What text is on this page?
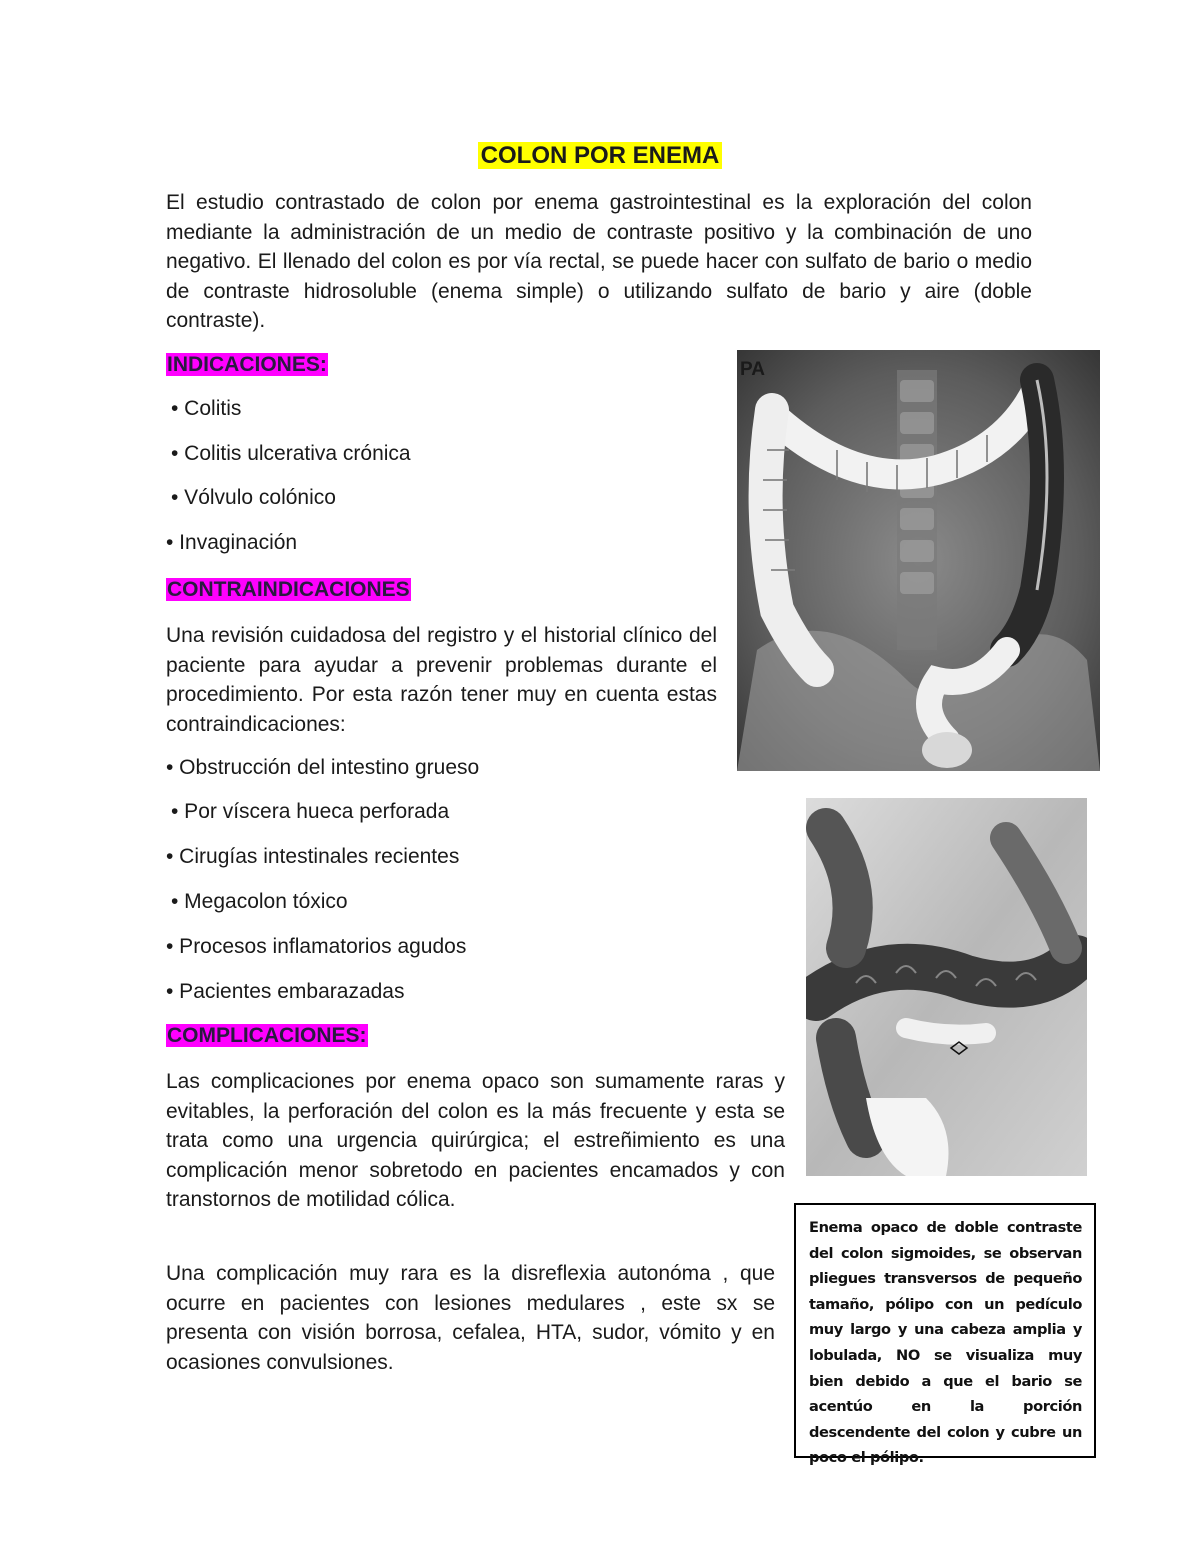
COLON POR ENEMA

El estudio contrastado de colon por enema gastrointestinal es la exploración del colon mediante la administración de un medio de contraste positivo y la combinación de uno negativo. El llenado del colon es por vía rectal, se puede hacer con sulfato de bario o medio de contraste hidrosoluble (enema simple) o utilizando sulfato de bario y aire (doble contraste).

INDICACIONES:
• Colitis
• Colitis ulcerativa crónica
• Vólvulo colónico
• Invaginación
CONTRAINDICACIONES

Una revisión cuidadosa del registro y el historial clínico del paciente para ayudar a prevenir problemas durante el procedimiento. Por esta razón tener muy en cuenta estas contraindicaciones:

• Obstrucción del intestino grueso
• Por víscera hueca perforada
• Cirugías intestinales recientes
• Megacolon tóxico
• Procesos inflamatorios agudos
• Pacientes embarazadas
COMPLICACIONES:

Las complicaciones por enema opaco son sumamente raras y evitables, la perforación del colon es la más frecuente y esta se trata como una urgencia quirúrgica; el estreñimiento es una complicación menor sobretodo en pacientes encamados y con transtornos de motilidad cólica.

Una complicación muy rara es la disreflexia autonóma , que ocurre en pacientes con lesiones medulares , este sx se presenta con visión borrosa, cefalea, HTA, sudor, vómito y en ocasiones convulsiones.

PA
Enema opaco de doble contraste del colon sigmoides, se observan pliegues transversos de pequeño tamaño, pólipo con un pedículo muy largo y una cabeza amplia y lobulada, NO se visualiza muy bien debido a que el bario se acentúo en la porción descendente del colon y cubre un poco el pólipo.
